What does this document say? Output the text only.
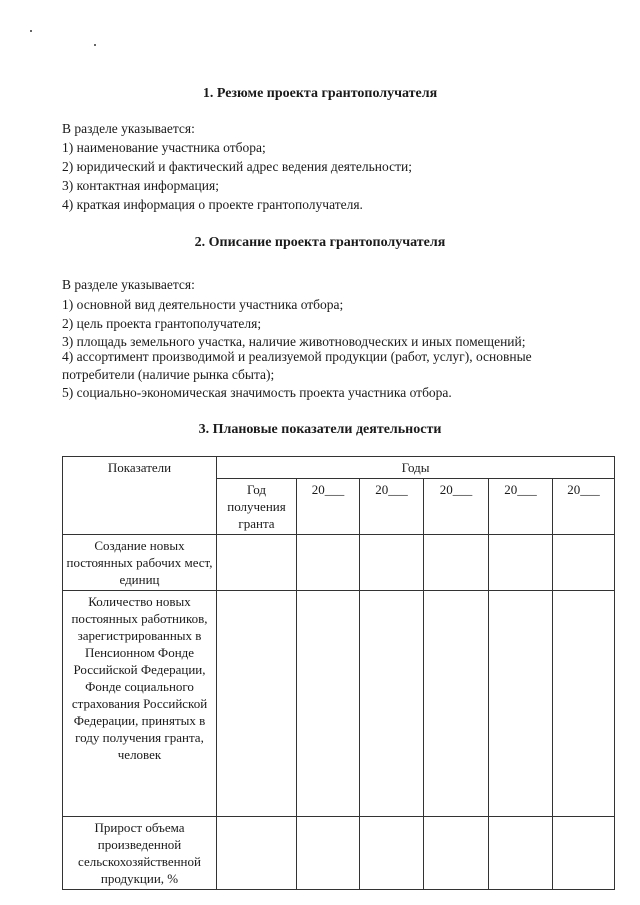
1. Резюме проекта грантополучателя
В разделе указывается:
1) наименование участника отбора;
2) юридический и фактический адрес ведения деятельности;
3) контактная информация;
4) краткая информация о проекте грантополучателя.
2. Описание проекта грантополучателя
В разделе указывается:
1) основной вид деятельности участника отбора;
2) цель проекта грантополучателя;
3) площадь земельного участка, наличие животноводческих и иных помещений;
4) ассортимент производимой и реализуемой продукции (работ, услуг), основные
потребители (наличие рынка сбыта);
5) социально-экономическая значимость проекта участника отбора.
3. Плановые показатели деятельности
Показатели	Годы					
	Год получения гранта	20___	20___	20___	20___	20___
Создание новых постоянных рабочих мест, единиц						
Количество новых постоянных работников, зарегистрированных в Пенсионном Фонде Российской Федерации, Фонде социального страхования Российской Федерации, принятых в году получения гранта, человек						
Прирост объема произведенной сельскохозяйственной продукции, %						
